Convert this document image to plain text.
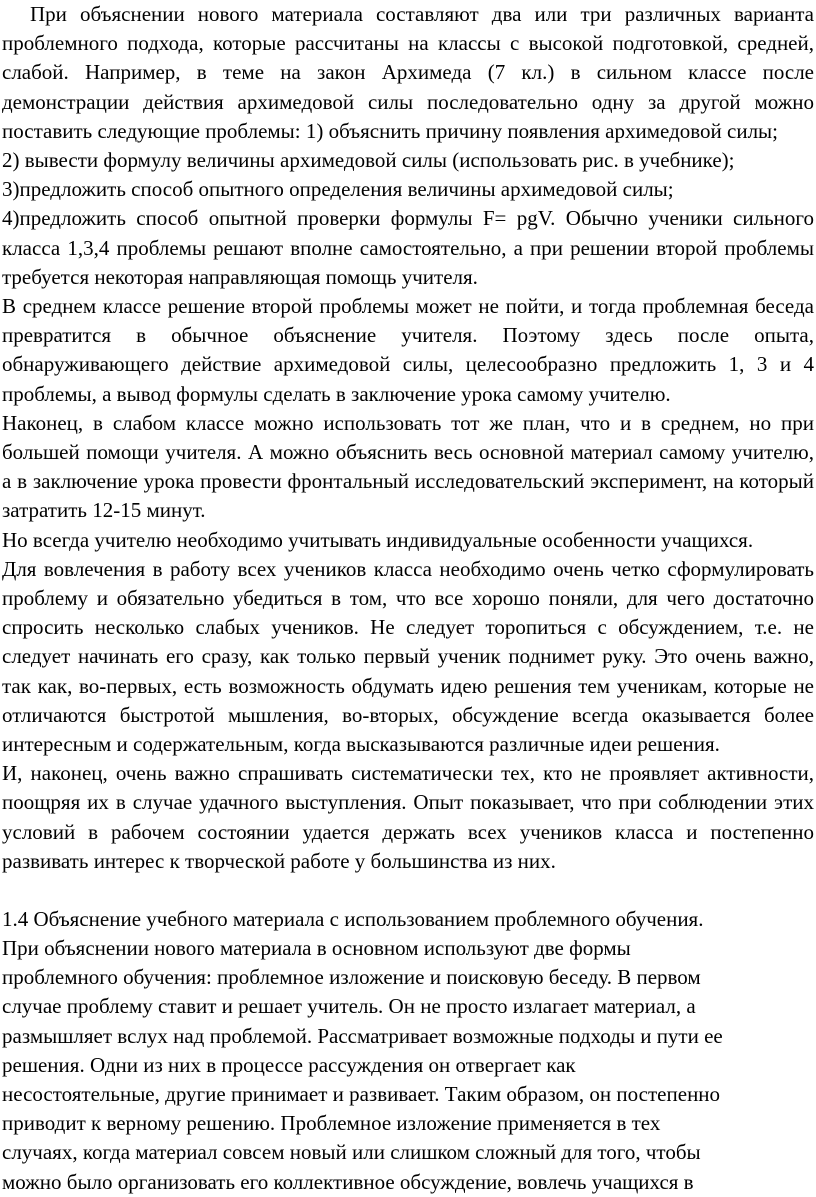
При объяснении нового материала составляют два или три различных варианта проблемного подхода, которые рассчитаны на классы с высокой подготовкой, средней, слабой. Например, в теме на закон Архимеда (7 кл.) в сильном классе после демонстрации действия архимедовой силы последовательно одну за другой можно поставить следующие проблемы: 1) объяснить причину появления архимедовой силы;

2) вывести формулу величины архимедовой силы (использовать рис. в учебнике);

3)предложить способ опытного определения величины архимедовой силы;

4)предложить способ опытной проверки формулы F= pgV. Обычно ученики сильного класса 1,3,4 проблемы решают вполне самостоятельно, а при решении второй проблемы требуется некоторая направляющая помощь учителя.

В среднем классе решение второй проблемы может не пойти, и тогда проблемная беседа превратится в обычное объяснение учителя. Поэтому здесь после опыта, обнаруживающего действие архимедовой силы, целесообразно предложить 1, 3 и 4 проблемы, а вывод формулы сделать в заключение урока самому учителю.

Наконец, в слабом классе можно использовать тот же план, что и в среднем, но при большей помощи учителя. А можно объяснить весь основной материал самому учителю, а в заключение урока провести фронтальный исследовательский эксперимент, на который затратить 12-15 минут.

Но всегда учителю необходимо учитывать индивидуальные особенности учащихся.

Для вовлечения в работу всех учеников класса необходимо очень четко сформулировать проблему и обязательно убедиться в том, что все хорошо поняли, для чего достаточно спросить несколько слабых учеников. Не следует торопиться с обсуждением, т.е. не следует начинать его сразу, как только первый ученик поднимет руку. Это очень важно, так как, во-первых, есть возможность обдумать идею решения тем ученикам, которые не отличаются быстротой мышления, во-вторых, обсуждение всегда оказывается более интересным и содержательным, когда высказываются различные идеи решения.

И, наконец, очень важно спрашивать систематически тех, кто не проявляет активности, поощряя их в случае удачного выступления. Опыт показывает, что при соблюдении этих условий в рабочем состоянии удается держать всех учеников класса и постепенно развивать интерес к творческой работе у большинства из них.

1.4 Объяснение учебного материала с использованием проблемного обучения.

При объяснении нового материала в основном используют две формы
проблемного обучения: проблемное изложение и поисковую беседу. В первом
случае проблему ставит и решает учитель. Он не просто излагает материал, а
размышляет вслух над проблемой. Рассматривает возможные подходы и пути ее
решения. Одни из них в процессе рассуждения он отвергает как
несостоятельные, другие принимает и развивает. Таким образом, он постепенно
приводит к верному решению. Проблемное изложение применяется в тех
случаях, когда материал совсем новый или слишком сложный для того, чтобы
можно было организовать его коллективное обсуждение, вовлечь учащихся в
